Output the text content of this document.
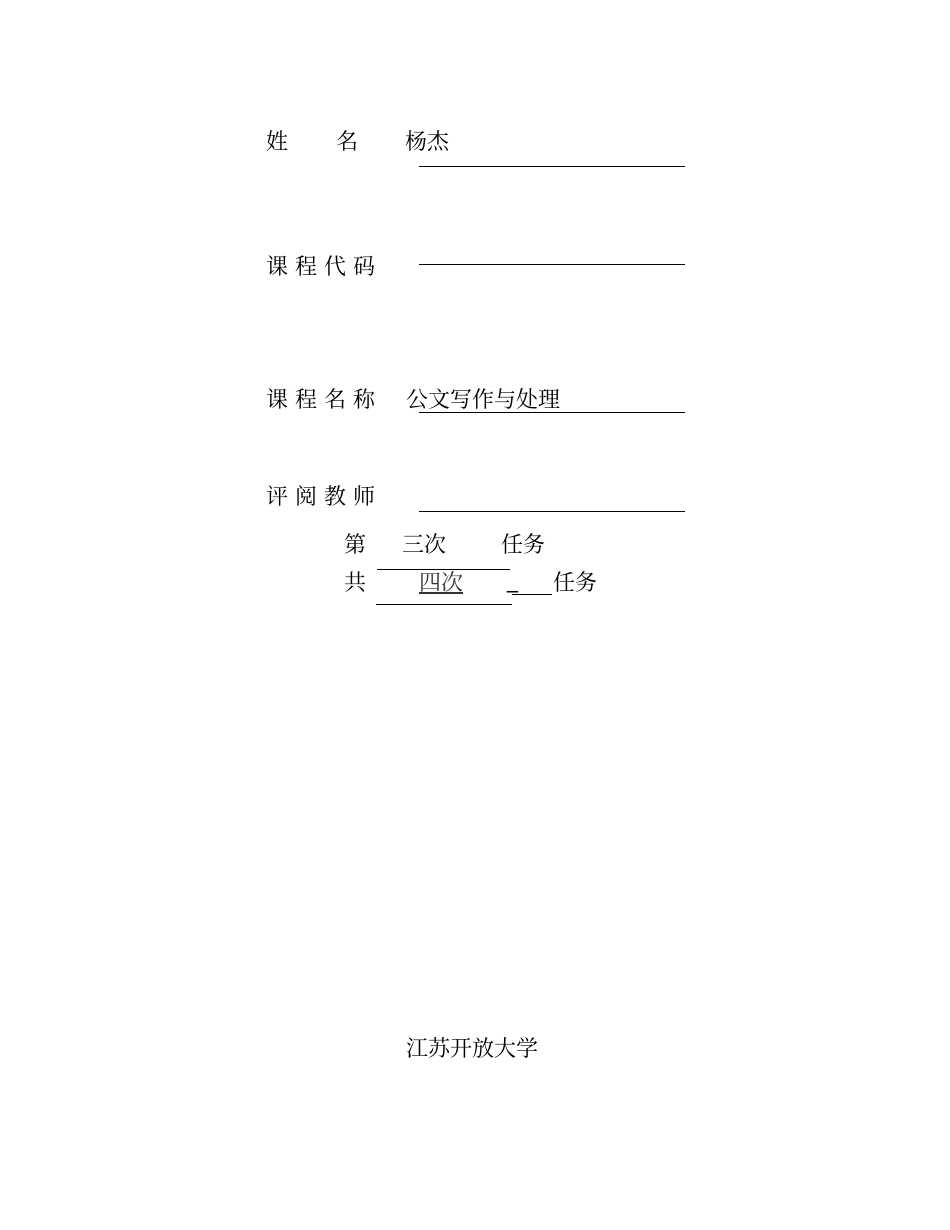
姓 名 杨杰
课 程 代 码
课 程 名 称 公文写作与处理
评 阅 教 师
第 三次 任务
共 四次 _ 任务
江苏开放大学
